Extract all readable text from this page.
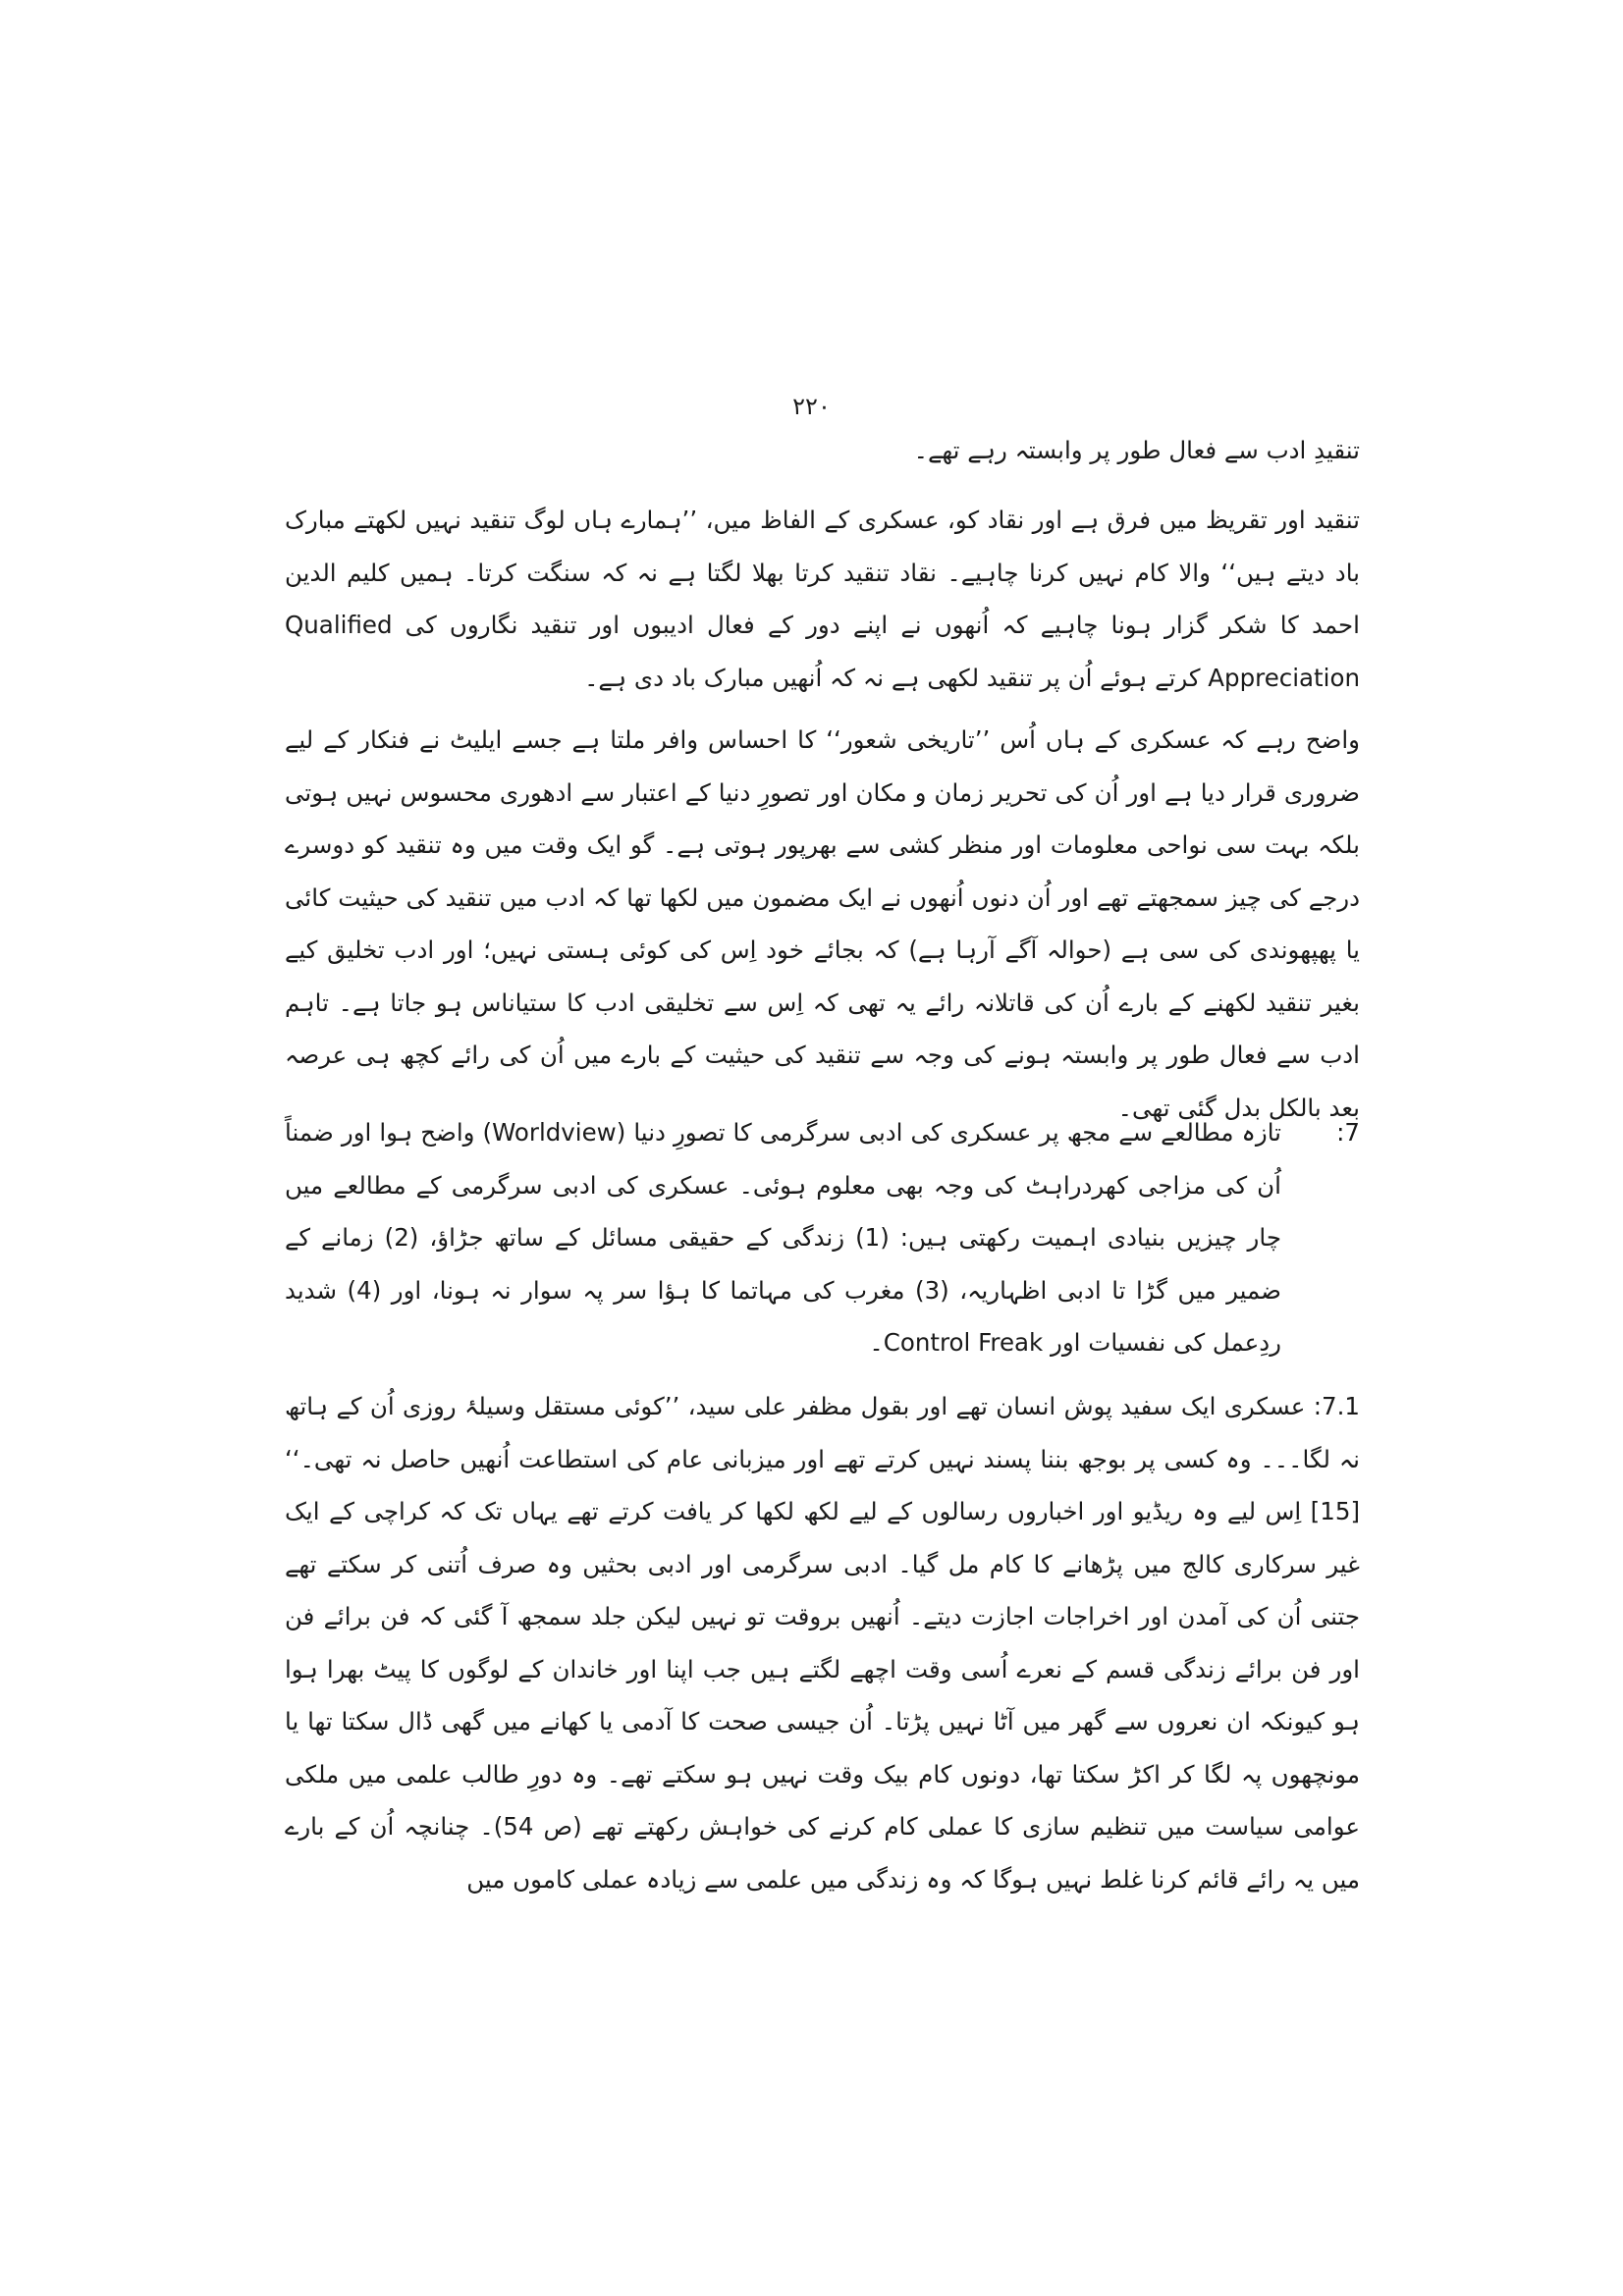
۲۲۰

تنقیدِ ادب سے فعال طور پر وابستہ رہے تھے۔

تنقید اور تقریظ میں فرق ہے اور نقاد کو، عسکری کے الفاظ میں، ’’ہمارے ہاں لوگ تنقید نہیں لکھتے مبارک باد دیتے ہیں‘‘ والا کام نہیں کرنا چاہیے۔ نقاد تنقید کرتا بھلا لگتا ہے نہ کہ سنگت کرتا۔ ہمیں کلیم الدین احمد کا شکر گزار ہونا چاہیے کہ اُنھوں نے اپنے دور کے فعال ادیبوں اور تنقید نگاروں کی Qualified Appreciation کرتے ہوئے اُن پر تنقید لکھی ہے نہ کہ اُنھیں مبارک باد دی ہے۔

واضح رہے کہ عسکری کے ہاں اُس ’’تاریخی شعور‘‘ کا احساس وافر ملتا ہے جسے ایلیٹ نے فنکار کے لیے ضروری قرار دیا ہے اور اُن کی تحریر زمان و مکان اور تصورِ دنیا کے اعتبار سے ادھوری محسوس نہیں ہوتی بلکہ بہت سی نواحی معلومات اور منظر کشی سے بھرپور ہوتی ہے۔ گو ایک وقت میں وہ تنقید کو دوسرے درجے کی چیز سمجھتے تھے اور اُن دنوں اُنھوں نے ایک مضمون میں لکھا تھا کہ ادب میں تنقید کی حیثیت کائی یا پھپھوندی کی سی ہے (حوالہ آگے آرہا ہے) کہ بجائے خود اِس کی کوئی ہستی نہیں؛ اور ادب تخلیق کیے بغیر تنقید لکھنے کے بارے اُن کی قاتلانہ رائے یہ تھی کہ اِس سے تخلیقی ادب کا ستیاناس ہو جاتا ہے۔ تاہم ادب سے فعال طور پر وابستہ ہونے کی وجہ سے تنقید کی حیثیت کے بارے میں اُن کی رائے کچھ ہی عرصہ بعد بالکل بدل گئی تھی۔

:7

تازہ مطالعے سے مجھ پر عسکری کی ادبی سرگرمی کا تصورِ دنیا (Worldview) واضح ہوا اور ضمناً اُن کی مزاجی کھردراہٹ کی وجہ بھی معلوم ہوئی۔ عسکری کی ادبی سرگرمی کے مطالعے میں چار چیزیں بنیادی اہمیت رکھتی ہیں: (1) زندگی کے حقیقی مسائل کے ساتھ جڑاؤ، (2) زمانے کے ضمیر میں گڑا تا ادبی اظہاریہ، (3) مغرب کی مہاتما کا ہؤا سر پہ سوار نہ ہونا، اور (4) شدید ردِعمل کی نفسیات اور Control Freak۔

7.1: عسکری ایک سفید پوش انسان تھے اور بقول مظفر علی سید، ’’کوئی مستقل وسیلۂ روزی اُن کے ہاتھ نہ لگا۔۔۔ وہ کسی پر بوجھ بننا پسند نہیں کرتے تھے اور میزبانی عام کی استطاعت اُنھیں حاصل نہ تھی۔‘‘ [15] اِس لیے وہ ریڈیو اور اخباروں رسالوں کے لیے لکھ لکھا کر یافت کرتے تھے یہاں تک کہ کراچی کے ایک غیر سرکاری کالج میں پڑھانے کا کام مل گیا۔ ادبی سرگرمی اور ادبی بحثیں وہ صرف اُتنی کر سکتے تھے جتنی اُن کی آمدن اور اخراجات اجازت دیتے۔ اُنھیں بروقت تو نہیں لیکن جلد سمجھ آ گئی کہ فن برائے فن اور فن برائے زندگی قسم کے نعرے اُسی وقت اچھے لگتے ہیں جب اپنا اور خاندان کے لوگوں کا پیٹ بھرا ہوا ہو کیونکہ ان نعروں سے گھر میں آٹا نہیں پڑتا۔ اُن جیسی صحت کا آدمی یا کھانے میں گھی ڈال سکتا تھا یا مونچھوں پہ لگا کر اکڑ سکتا تھا، دونوں کام بیک وقت نہیں ہو سکتے تھے۔ وہ دورِ طالب علمی میں ملکی عوامی سیاست میں تنظیم سازی کا عملی کام کرنے کی خواہش رکھتے تھے (ص 54)۔ چنانچہ اُن کے بارے میں یہ رائے قائم کرنا غلط نہیں ہوگا کہ وہ زندگی میں علمی سے زیادہ عملی کاموں میں
